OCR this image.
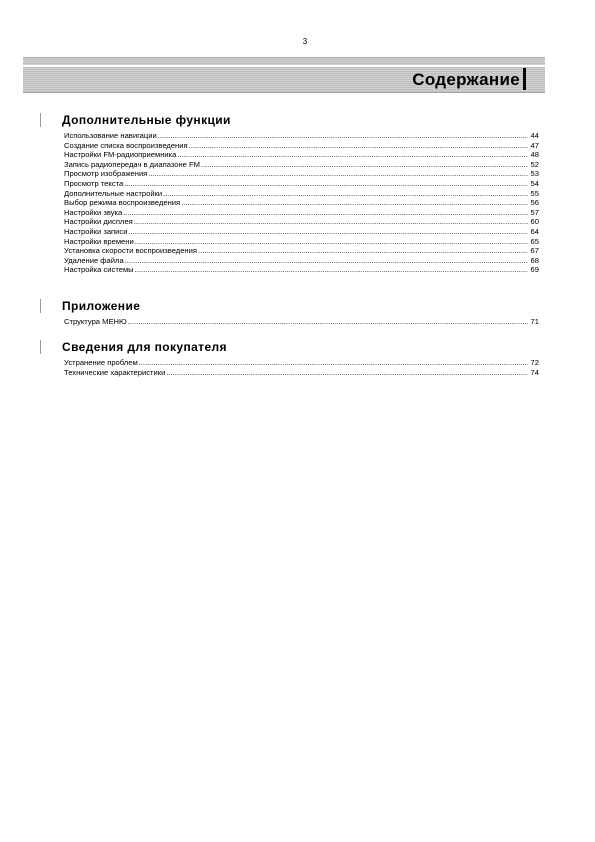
3
Содержание
Дополнительные функции
Использование навигации .....	44
Создание списка воспроизведения .....	47
Настройки FM-радиоприемника .....	48
Запись радиопередач в диапазоне FM .....	52
Просмотр изображения .....	53
Просмотр текста .....	54
Дополнительные настройки .....	55
Выбор режима воспроизведения .....	56
Настройки звука .....	57
Настройки дисплея .....	60
Настройки записи .....	64
Настройки времени .....	65
Установка скорости воспроизведения .....	67
Удаление файла .....	68
Настройка системы .....	69
Приложение
Структура МЕНЮ .....	71
Сведения для покупателя
Устранение проблем .....	72
Технические характеристики .....	74
